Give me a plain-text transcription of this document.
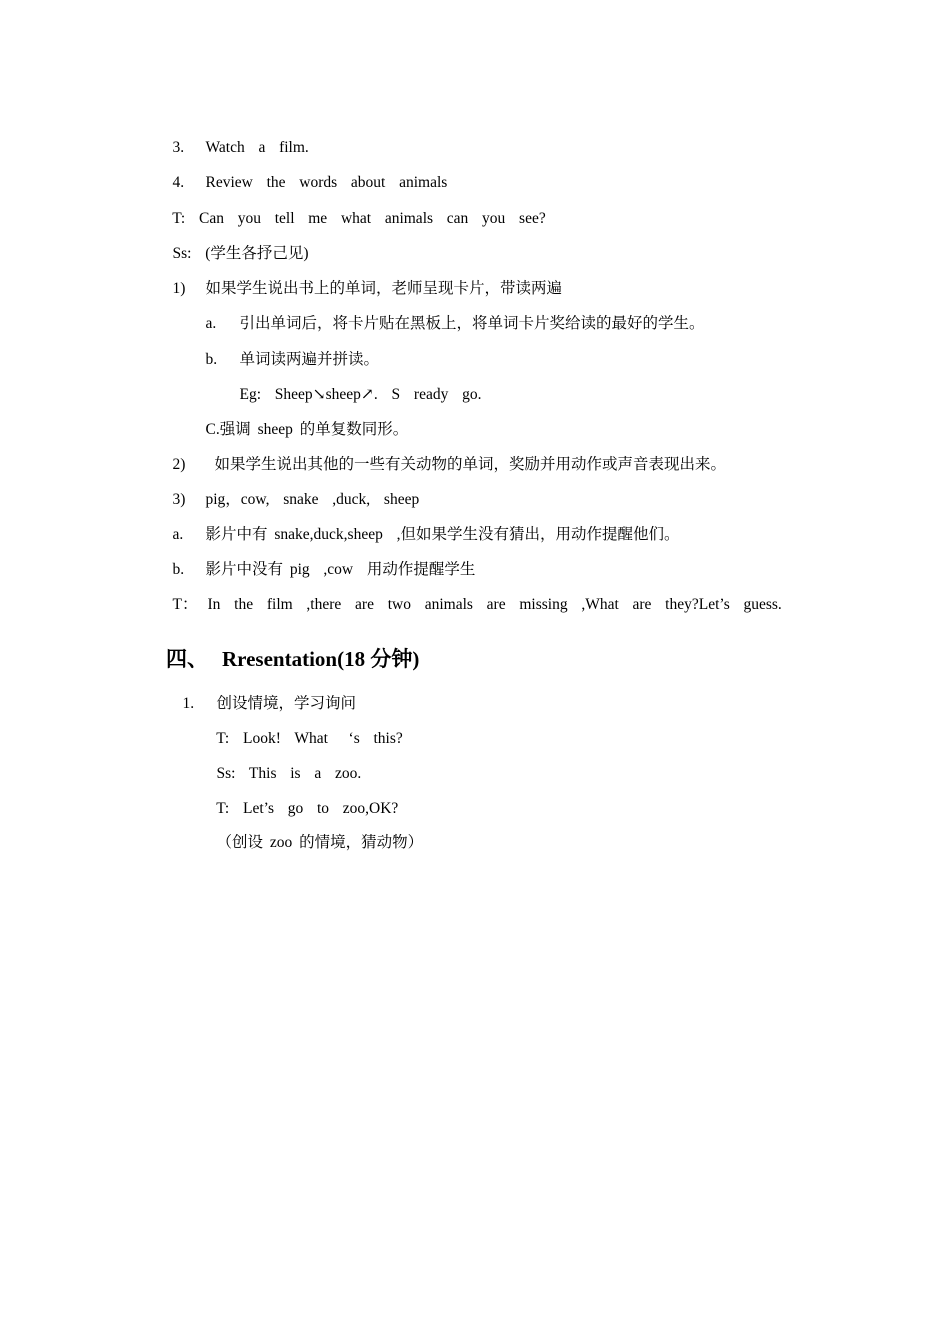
3. Watch  a  film.

4. Review  the  words  about  animals

T:  Can  you  tell  me  what  animals  can  you  see?

Ss:  (学生各抒己见)

1) 如果学生说出书上的单词，老师呈现卡片，带读两遍

a. 引出单词后，将卡片贴在黑板上，将单词卡片奖给读的最好的学生。

b. 单词读两遍并拼读。

Eg:  Sheep↘sheep↗.  S  ready  go.

C.强调 sheep 的单复数同形。

2) 如果学生说出其他的一些有关动物的单词，奖励并用动作或声音表现出来。

3) pig，cow,  snake  ,duck,  sheep

a. 影片中有 snake,duck,sheep  ,但如果学生没有猜出，用动作提醒他们。

b. 影片中没有 pig  ,cow  用动作提醒学生

T： In  the  film  ,there  are  two  animals  are  missing  ,What  are  they?Let’s  guess.

四、 Rresentation(18 分钟)

1. 创设情境，学习询问

T:  Look!  What   ‘s  this?

Ss:  This  is  a  zoo.

T:  Let’s  go  to  zoo,OK?

（创设 zoo 的情境，猜动物）
